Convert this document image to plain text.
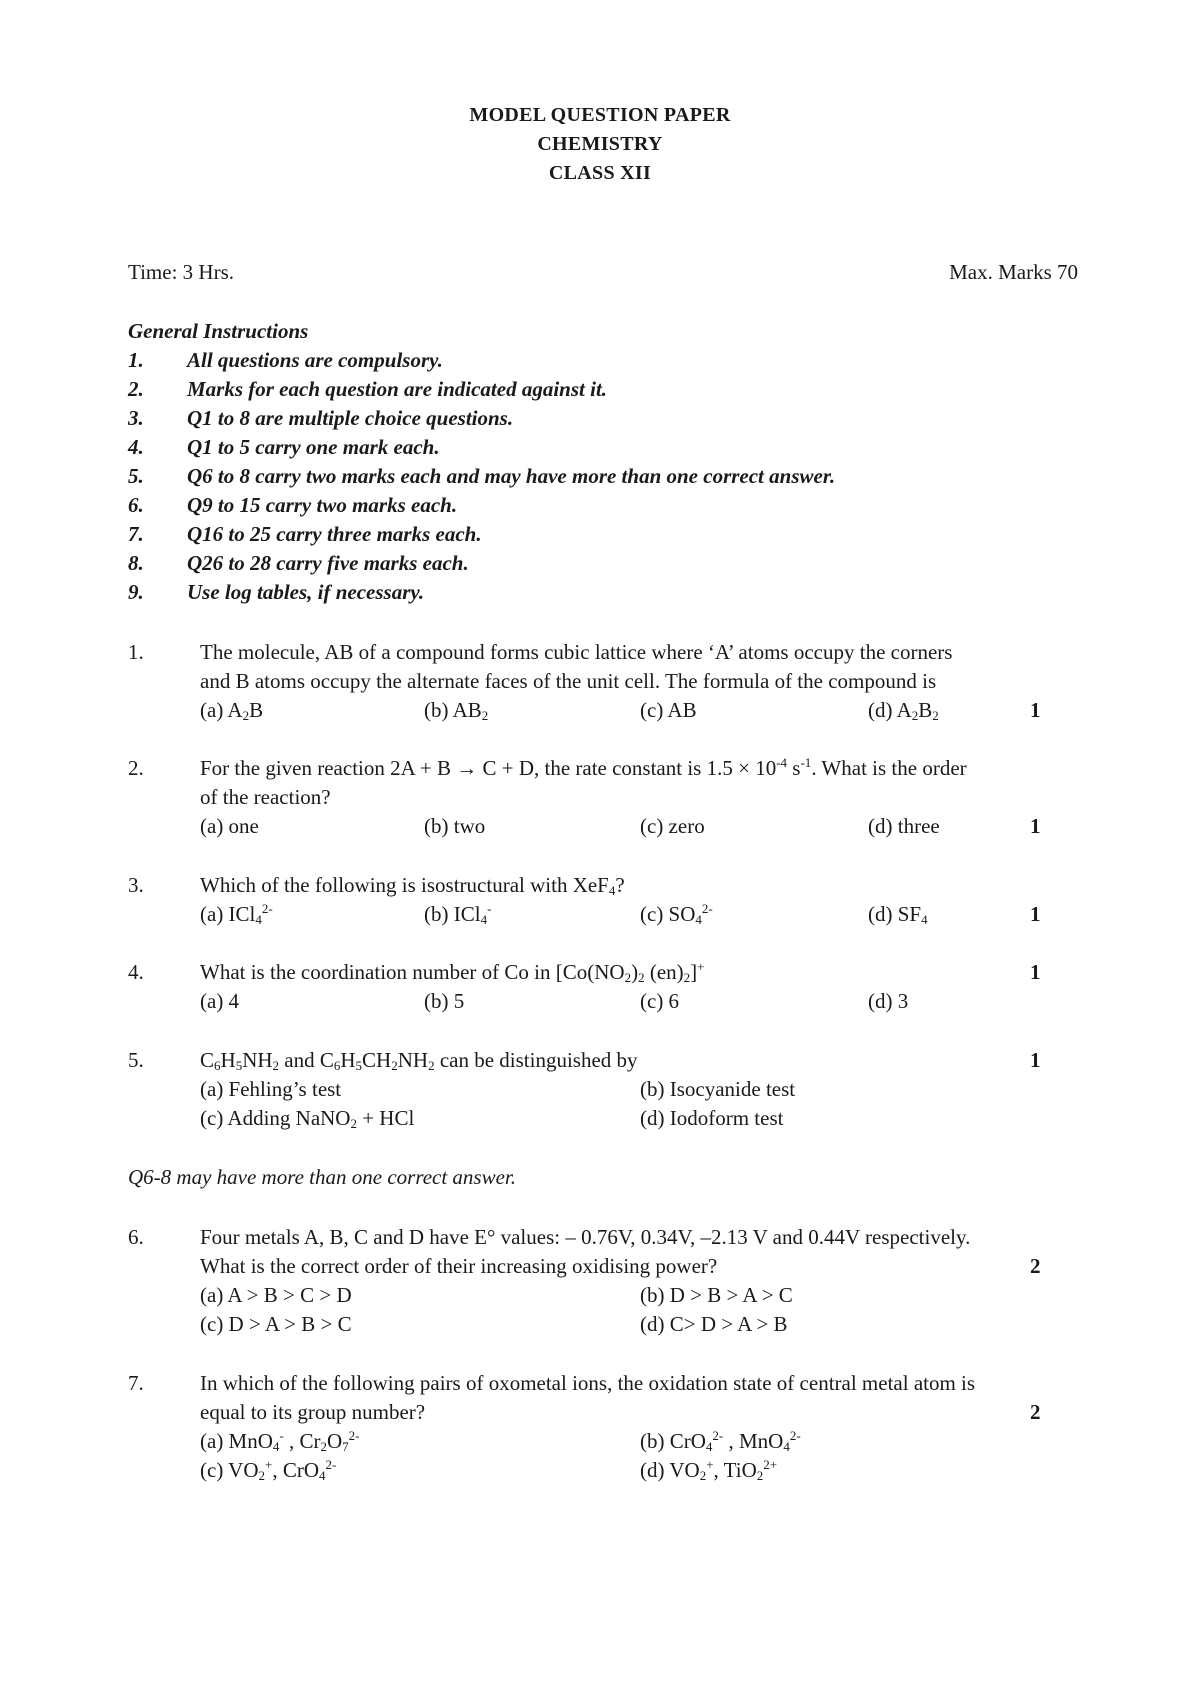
MODEL QUESTION PAPER
CHEMISTRY
CLASS XII
Time: 3 Hrs.	Max. Marks 70
General Instructions
1. All questions are compulsory.
2. Marks for each question are indicated against it.
3. Q1 to 8 are multiple choice questions.
4. Q1 to 5 carry one mark each.
5. Q6 to 8 carry two marks each and may have more than one correct answer.
6. Q9 to 15 carry two marks each.
7. Q16 to 25 carry three marks each.
8. Q26 to 28 carry five marks each.
9. Use log tables, if necessary.
1.	The molecule, AB of a compound forms cubic lattice where ‘A’ atoms occupy the corners
and B atoms occupy the alternate faces of the unit cell. The formula of the compound is
(a) $A_2B$	(b) $AB_2$	(c) AB	(d) $A_2B_2$	1
2.	For the given reaction 2A + B → C + D, the rate constant is $1.5 \times 10^{-4}$ $s^{-1}$. What is the order
of the reaction?
(a) one	(b) two	(c) zero	(d) three	1
3.	Which of the following is isostructural with XeF$_4$?
(a) ICl$_4^{2-}$	(b) ICl$_4$-	(c) $SO_4^{2-}$	(d) $SF_4$	1
4.	What is the coordination number of Co in [$Co(NO_2)_2$ $(en)_2]^+$	1
(a) 4	(b) 5	(c) 6	(d) 3
5.	$C_6H_5NH_2$ and $C_6H_5CH_2NH_2$ can be distinguished by	1
(a) Fehling’s test	(b) Isocyanide test
(c) Adding NaNO$_2$ + HCl	(d) Iodoform test
Q6-8 may have more than one correct answer.
6.	Four metals A, B, C and D have E° values: – 0.76V, 0.34V, –2.13 V and 0.44V respectively.
What is the correct order of their increasing oxidising power?	2
(a) A > B > C > D	(b) D > B > A > C
(c) D > A > B > C	(d) C> D > A > B
7.	In which of the following pairs of oxometal ions, the oxidation state of central metal atom is
equal to its group number?	2
(a) MnO$_4$- , $Cr_2O_7^{2-}$	(b) CrO$_4^{2-}$ , MnO$_4^{2-}$
(c) $VO_2^+$, CrO$_4^{2-}$	(d) $VO_2^+$, TiO$_2^{2+}$
